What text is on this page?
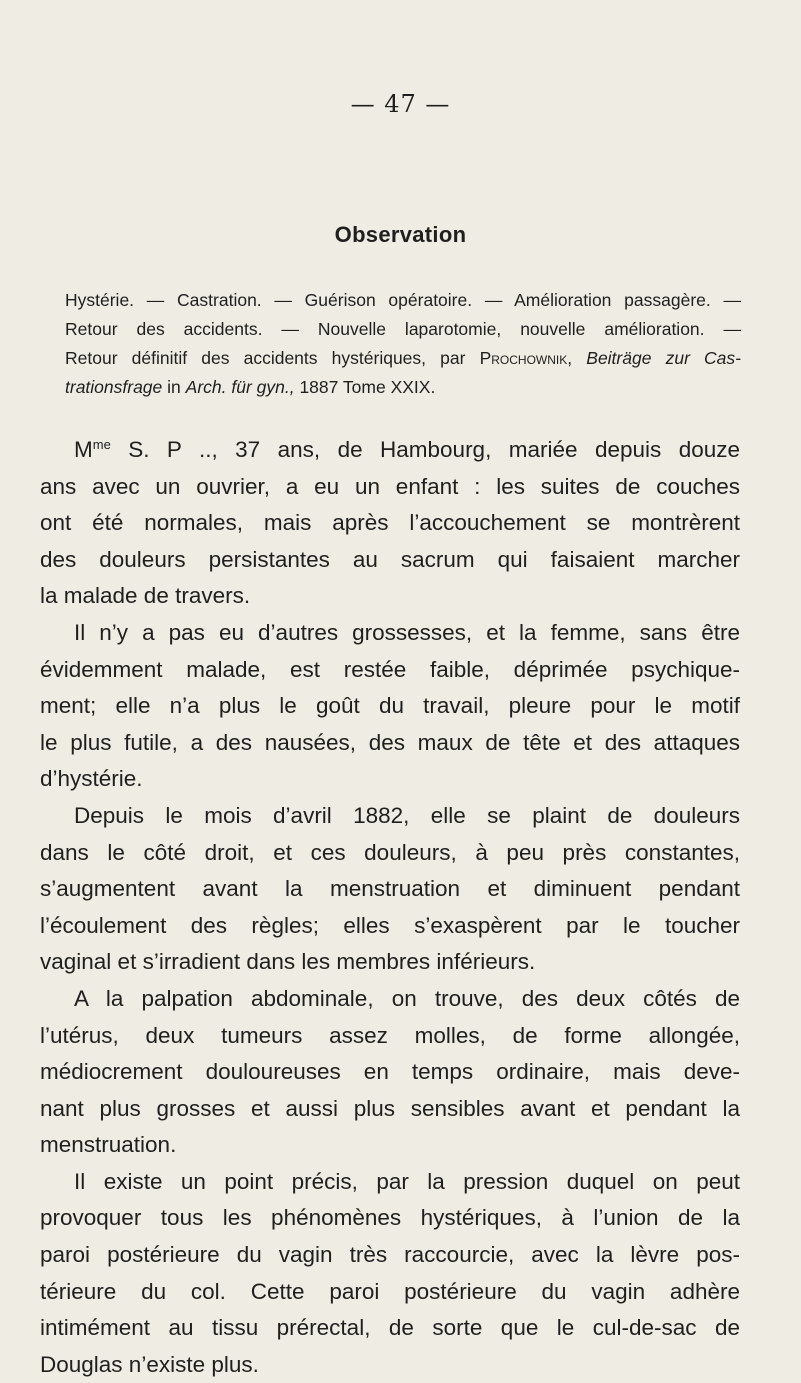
— 47 —
Observation
Hystérie. — Castration. — Guérison opératoire. — Amélioration passagère. —
Retour des accidents. — Nouvelle laparotomie, nouvelle amélioration. —
Retour définitif des accidents hystériques, par Prochownik, Beiträge zur Cas-
trationsfrage in Arch. für gyn., 1887 Tome XXIX.
$M^{me}$ S. P .., 37 ans, de Hambourg, mariée depuis douze
ans avec un ouvrier, a eu un enfant : les suites de couches
ont été normales, mais après l’accouchement se montrèrent
des douleurs persistantes au sacrum qui faisaient marcher
la malade de travers.
Il n’y a pas eu d’autres grossesses, et la femme, sans être
évidemment malade, est restée faible, déprimée psychique-
ment; elle n’a plus le goût du travail, pleure pour le motif
le plus futile, a des nausées, des maux de tête et des attaques
d’hystérie.
Depuis le mois d’avril 1882, elle se plaint de douleurs
dans le côté droit, et ces douleurs, à peu près constantes,
s’augmentent avant la menstruation et diminuent pendant
l’écoulement des règles; elles s’exaspèrent par le toucher
vaginal et s’irradient dans les membres inférieurs.
A la palpation abdominale, on trouve, des deux côtés de
l’utérus, deux tumeurs assez molles, de forme allongée,
médiocrement douloureuses en temps ordinaire, mais deve-
nant plus grosses et aussi plus sensibles avant et pendant la
menstruation.
Il existe un point précis, par la pression duquel on peut
provoquer tous les phénomènes hystériques, à l’union de la
paroi postérieure du vagin très raccourcie, avec la lèvre pos-
térieure du col. Cette paroi postérieure du vagin adhère
intimément au tissu prérectal, de sorte que le cul-de-sac de
Douglas n’existe plus.
